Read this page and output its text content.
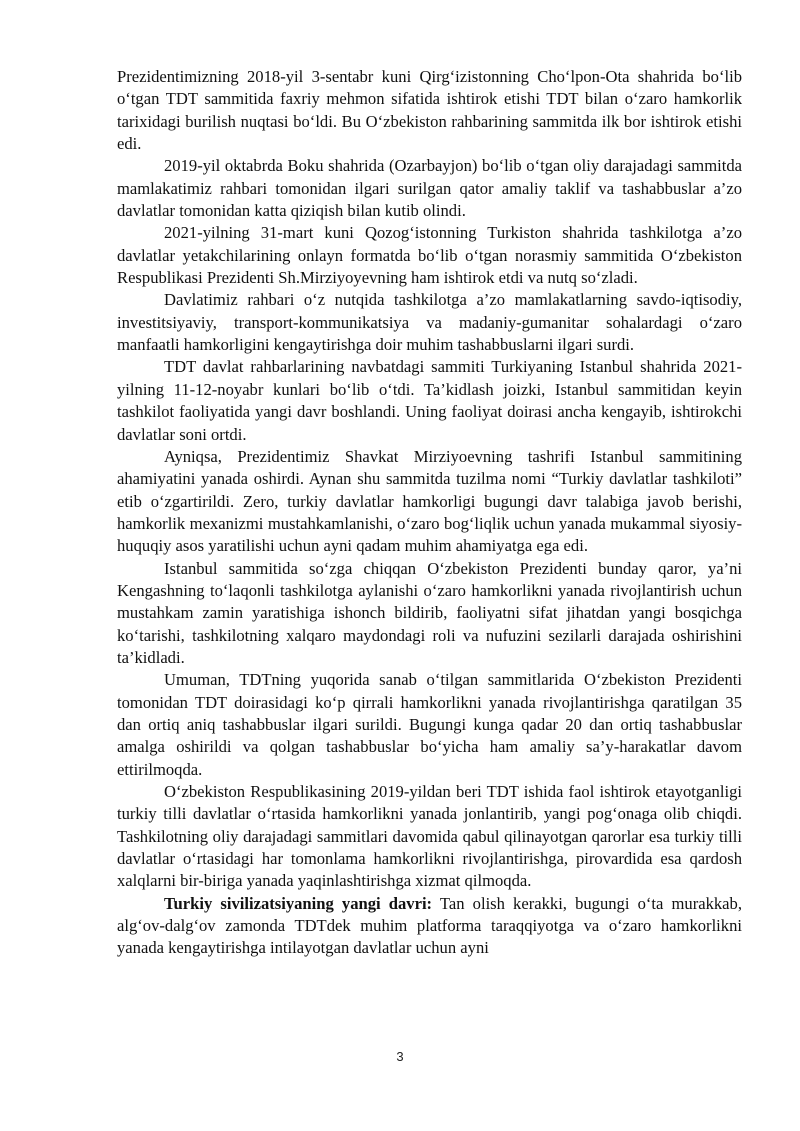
Prezidentimizning 2018-yil 3-sentabr kuni Qirg‘izistonning Cho‘lpon-Ota shahrida bo‘lib o‘tgan TDT sammitida faxriy mehmon sifatida ishtirok etishi TDT bilan o‘zaro hamkorlik tarixidagi burilish nuqtasi bo‘ldi. Bu O‘zbekiston rahbarining sammitda ilk bor ishtirok etishi edi.

2019-yil oktabrda Boku shahrida (Ozarbayjon) bo‘lib o‘tgan oliy darajadagi sammitda mamlakatimiz rahbari tomonidan ilgari surilgan qator amaliy taklif va tashabbuslar a’zo davlatlar tomonidan katta qiziqish bilan kutib olindi.

2021-yilning 31-mart kuni Qozog‘istonning Turkiston shahrida tashkilotga a’zo davlatlar yetakchilarining onlayn formatda bo‘lib o‘tgan norasmiy sammitida O‘zbekiston Respublikasi Prezidenti Sh.Mirziyoyevning ham ishtirok etdi va nutq so‘zladi.

Davlatimiz rahbari o‘z nutqida tashkilotga a’zo mamlakatlarning savdo-iqtisodiy, investitsiyaviy, transport-kommunikatsiya va madaniy-gumanitar sohalardagi o‘zaro manfaatli hamkorligini kengaytirishga doir muhim tashabbuslarni ilgari surdi.

TDT davlat rahbarlarining navbatdagi sammiti Turkiyaning Istanbul shahrida 2021-yilning 11-12-noyabr kunlari bo‘lib o‘tdi. Ta’kidlash joizki, Istanbul sammitidan keyin tashkilot faoliyatida yangi davr boshlandi. Uning faoliyat doirasi ancha kengayib, ishtirokchi davlatlar soni ortdi.

Ayniqsa, Prezidentimiz Shavkat Mirziyoevning tashrifi Istanbul sammitining ahamiyatini yanada oshirdi. Aynan shu sammitda tuzilma nomi “Turkiy davlatlar tashkiloti” etib o‘zgartirildi. Zero, turkiy davlatlar hamkorligi bugungi davr talabiga javob berishi, hamkorlik mexanizmi mustahkamlanishi, o‘zaro bog‘liqlik uchun yanada mukammal siyosiy-huquqiy asos yaratilishi uchun ayni qadam muhim ahamiyatga ega edi.

Istanbul sammitida so‘zga chiqqan O‘zbekiston Prezidenti bunday qaror, ya’ni Kengashning to‘laqonli tashkilotga aylanishi o‘zaro hamkorlikni yanada rivojlantirish uchun mustahkam zamin yaratishiga ishonch bildirib, faoliyatni sifat jihatdan yangi bosqichga ko‘tarishi, tashkilotning xalqaro maydondagi roli va nufuzini sezilarli darajada oshirishini ta’kidladi.

Umuman, TDTning yuqorida sanab o‘tilgan sammitlarida O‘zbekiston Prezidenti tomonidan TDT doirasidagi ko‘p qirrali hamkorlikni yanada rivojlantirishga qaratilgan 35 dan ortiq aniq tashabbuslar ilgari surildi. Bugungi kunga qadar 20 dan ortiq tashabbuslar amalga oshirildi va qolgan tashabbuslar bo‘yicha ham amaliy sa’y-harakatlar davom ettirilmoqda.

O‘zbekiston Respublikasining 2019-yildan beri TDT ishida faol ishtirok etayotganligi turkiy tilli davlatlar o‘rtasida hamkorlikni yanada jonlantirib, yangi pog‘onaga olib chiqdi. Tashkilotning oliy darajadagi sammitlari davomida qabul qilinayotgan qarorlar esa turkiy tilli davlatlar o‘rtasidagi har tomonlama hamkorlikni rivojlantirishga, pirovardida esa qardosh xalqlarni bir-biriga yanada yaqinlashtirishga xizmat qilmoqda.

Turkiy sivilizatsiyaning yangi davri: Tan olish kerakki, bugungi o‘ta murakkab, alg‘ov-dalg‘ov zamonda TDTdek muhim platforma taraqqiyotga va o‘zaro hamkorlikni yanada kengaytirishga intilayotgan davlatlar uchun ayni

3
